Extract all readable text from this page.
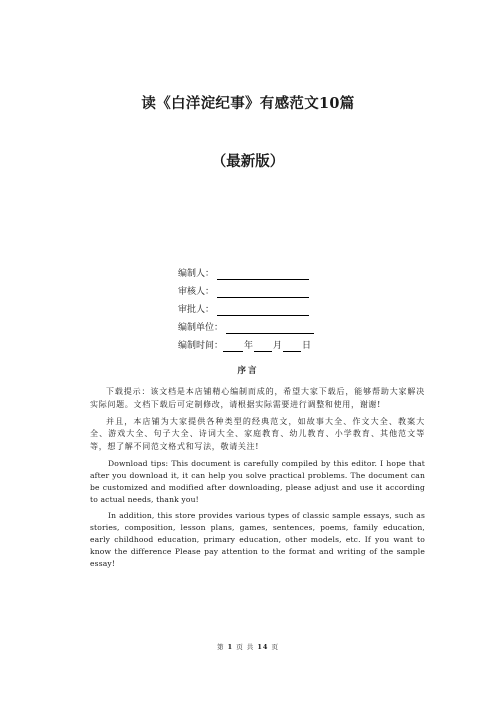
读《白洋淀纪事》有感范文10篇
（最新版）
编制人：
审核人：
审批人：
编制单位：
编制时间： 年 月 日
序言

下载提示：该文档是本店铺精心编制而成的，希望大家下载后，能够帮助大家解决实际问题。文档下载后可定制修改，请根据实际需要进行调整和使用，谢谢!

并且，本店铺为大家提供各种类型的经典范文，如故事大全、作文大全、教案大全、游戏大全、句子大全、诗词大全、家庭教育、幼儿教育、小学教育、其他范文等等，想了解不同范文格式和写法，敬请关注!

Download tips: This document is carefully compiled by this editor. I hope that after you download it, it can help you solve practical problems. The document can be customized and modified after downloading, please adjust and use it according to actual needs, thank you!

In addition, this store provides various types of classic sample essays, such as stories, composition, lesson plans, games, sentences, poems, family education, early childhood education, primary education, other models, etc. If you want to know the difference Please pay attention to the format and writing of the sample essay!

第 1 页 共 14 页
